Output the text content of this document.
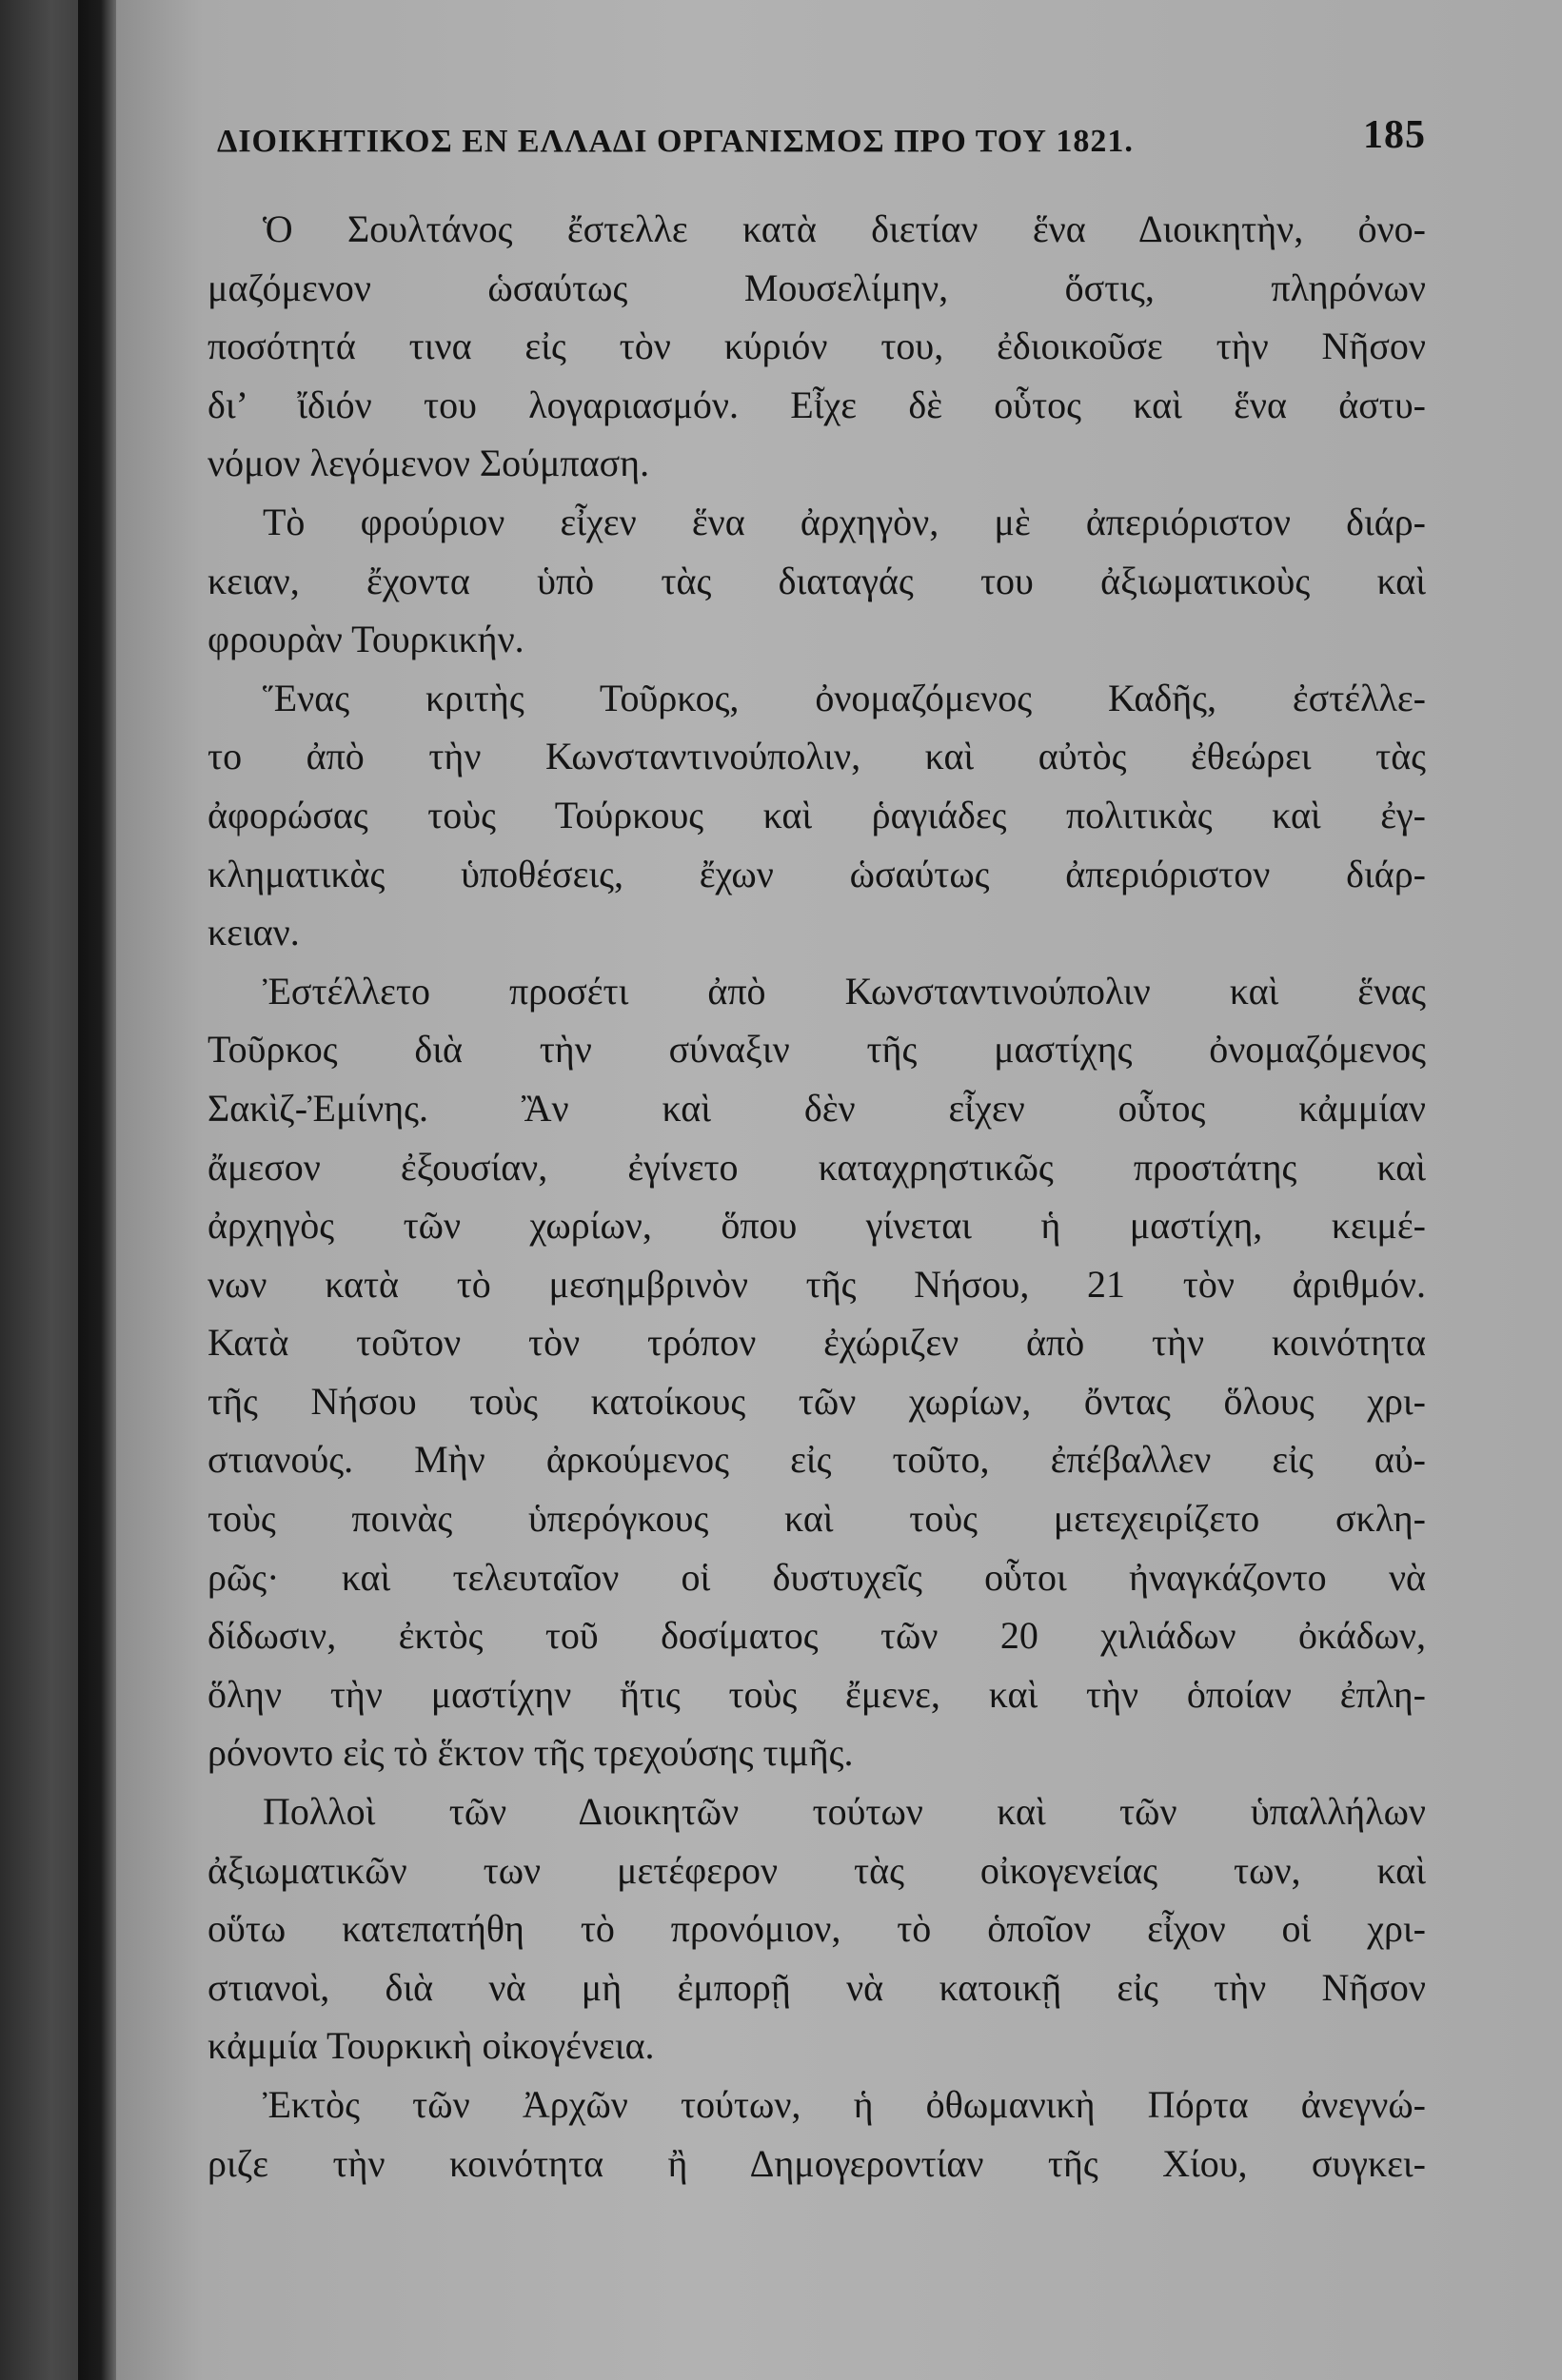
ΔΙΟΙΚΗΤΙΚΟΣ ΕΝ ΕΛΛΑΔΙ ΟΡΓΑΝΙΣΜΟΣ ΠΡΟ ΤΟΥ 1821.	185
Ὁ Σουλτάνος ἔστελλε κατὰ διετίαν ἕνα Διοικητὴν, ὀνο-
μαζόμενον ὡσαύτως Μουσελίμην, ὅστις, πληρόνων
ποσότητά τινα εἰς τὸν κύριόν του, ἐδιοικοῦσε τὴν Νῆσον
δι’ ἴδιόν του λογαριασμόν. Εἶχε δὲ οὗτος καὶ ἕνα ἀστυ-
νόμον λεγόμενον Σούμπαση.
Τὸ φρούριον εἶχεν ἕνα ἀρχηγὸν, μὲ ἀπεριόριστον διάρ-
κειαν, ἔχοντα ὑπὸ τὰς διαταγάς του ἀξιωματικοὺς καὶ
φρουρὰν Τουρκικήν.
Ἕνας κριτὴς Τοῦρκος, ὀνομαζόμενος Καδῆς, ἐστέλλε-
το ἀπὸ τὴν Κωνσταντινούπολιν, καὶ αὐτὸς ἐθεώρει τὰς
ἀφορώσας τοὺς Τούρκους καὶ ῥαγιάδες πολιτικὰς καὶ ἐγ-
κληματικὰς ὑποθέσεις, ἔχων ὡσαύτως ἀπεριόριστον διάρ-
κειαν.
Ἐστέλλετο προσέτι ἀπὸ Κωνσταντινούπολιν καὶ ἕνας
Τοῦρκος διὰ τὴν σύναξιν τῆς μαστίχης ὀνομαζόμενος
Σακὶζ-Ἐμίνης. Ἂν καὶ δὲν εἶχεν οὗτος κἀμμίαν
ἄμεσον ἐξουσίαν, ἐγίνετο καταχρηστικῶς προστάτης καὶ
ἀρχηγὸς τῶν χωρίων, ὅπου γίνεται ἡ μαστίχη, κειμέ-
νων κατὰ τὸ μεσημβρινὸν τῆς Νήσου, 21 τὸν ἀριθμόν.
Κατὰ τοῦτον τὸν τρόπον ἐχώριζεν ἀπὸ τὴν κοινότητα
τῆς Νήσου τοὺς κατοίκους τῶν χωρίων, ὄντας ὅλους χρι-
στιανούς. Μὴν ἀρκούμενος εἰς τοῦτο, ἐπέβαλλεν εἰς αὐ-
τοὺς ποινὰς ὑπερόγκους καὶ τοὺς μετεχειρίζετο σκλη-
ρῶς· καὶ τελευταῖον οἱ δυστυχεῖς οὗτοι ἠναγκάζοντο νὰ
δίδωσιν, ἐκτὸς τοῦ δοσίματος τῶν 20 χιλιάδων ὀκάδων,
ὅλην τὴν μαστίχην ἥτις τοὺς ἔμενε, καὶ τὴν ὁποίαν ἐπλη-
ρόνοντο εἰς τὸ ἕκτον τῆς τρεχούσης τιμῆς.
Πολλοὶ τῶν Διοικητῶν τούτων καὶ τῶν ὑπαλλήλων
ἀξιωματικῶν των μετέφερον τὰς οἰκογενείας των, καὶ
οὕτω κατεπατήθη τὸ προνόμιον, τὸ ὁποῖον εἶχον οἱ χρι-
στιανοὶ, διὰ νὰ μὴ ἐμπορῇ νὰ κατοικῇ εἰς τὴν Νῆσον
κἀμμία Τουρκικὴ οἰκογένεια.
Ἐκτὸς τῶν Ἀρχῶν τούτων, ἡ ὀθωμανικὴ Πόρτα ἀνεγνώ-
ριζε τὴν κοινότητα ἢ Δημογεροντίαν τῆς Χίου, συγκει-
